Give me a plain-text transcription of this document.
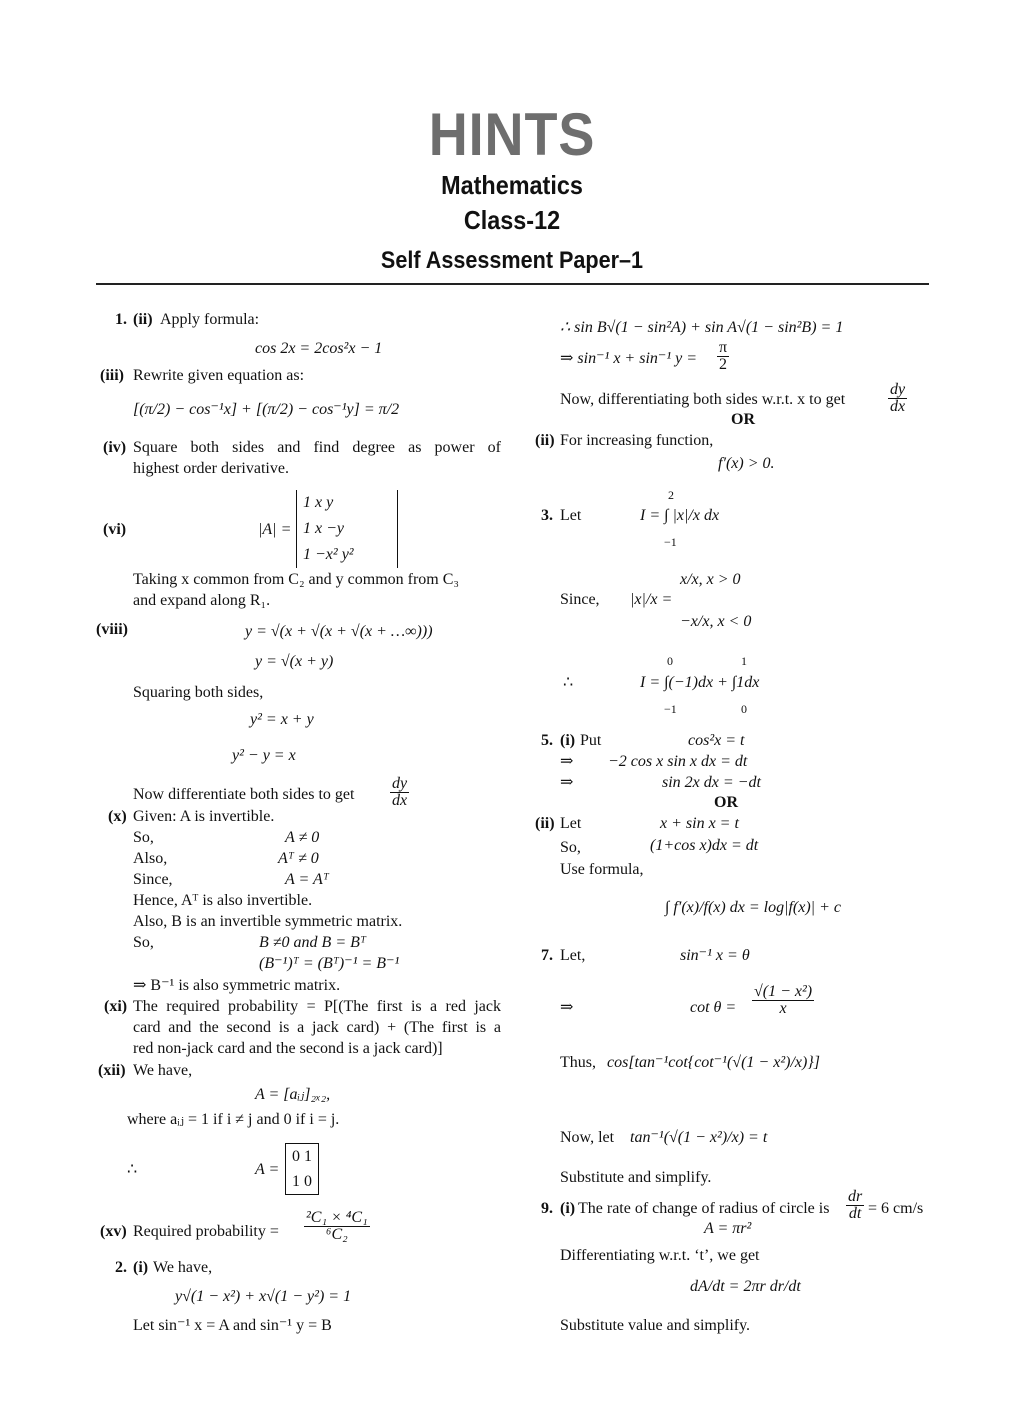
HINTS
Mathematics
Class-12
Self Assessment Paper–1
1. (ii) Apply formula:
cos 2x = 2cos²x − 1
(iii) Rewrite given equation as:
[(π/2) − cos⁻¹x] + [(π/2) − cos⁻¹y] = π/2
(iv) Square both sides and find degree as power of
highest order derivative.
(vi)	|A| =
1 x y
1 x −y
1 −x² y²
Taking x common from C₂ and y common from C₃
and expand along R₁.
(viii)	y = √(x + √(x + √(x + …∞)))
y = √(x + y)
Squaring both sides,
y² = x + y
y² − y = x
Now differentiate both sides to get $\frac{dy}{dx}$
(x) Given: A is invertible.
So,	A ≠ 0
Also,	Aᵀ ≠ 0
Since,	A = Aᵀ
Hence, Aᵀ is also invertible.
Also, B is an invertible symmetric matrix.
So,	B ≠0 and B = Bᵀ
(B⁻¹)ᵀ = (Bᵀ)⁻¹ = B⁻¹
⇒ B⁻¹ is also symmetric matrix.
(xi) The required probability = P[(The first is a red jack
card and the second is a jack card) + (The first is a
red non-jack card and the second is a jack card)]
(xii) We have,
A = [aᵢⱼ]₂ₓ₂,
where aᵢⱼ = 1 if i ≠ j and 0 if i = j.
∴	A =
0 1
1 0
(xv) Required probability = $\frac{\text{²C₁ × ⁴C₁}}{\text{⁶C₂}}$
2. (i) We have,
y√(1 − x²) + x√(1 − y²) = 1
Let sin⁻¹ x = A and sin⁻¹ y = B
∴ sin B√(1 − sin²A) + sin A√(1 − sin²B) = 1
⇒ sin⁻¹ x + sin⁻¹ $y = \frac{\pi}{2}$
Now, differentiating both sides w.r.t. x to get	$\frac{dy}{dx}$
OR
(ii) For increasing function,
f′(x) > 0.
3. Let	I = ∫ |x|/x dx
2
−1
Since, |x|/x =
x/x, x > 0
−x/x, x < 0
∴	I = ∫(−1)dx + ∫1dx
0
−1
1
0
5. (i) Put	cos²x = t
⇒ −2 cos x sin x dx = dt
⇒	sin 2x dx = −dt
OR
(ii) Let	x + sin x = t
So,	(1+cos x)dx = dt
Use formula,
∫ f′(x)/f(x) dx = log|f(x)| + c
7. Let,	sin⁻¹ x = θ
⇒	$\cot \theta = \frac{\text{√(1 − x²)}}{x}$
Thus, cos[tan⁻¹cot{cot⁻¹(√(1 − x²)/x)}]
Now, let tan⁻¹(√(1 − x²)/x) = t
Substitute and simplify.
9. (i) The rate of change of radius of circle is $\frac{dr}{dt} = 6$ cm/s
A = πr²
Differentiating w.r.t. ‘t’, we get
dA/dt = 2πr dr/dt
Substitute value and simplify.
